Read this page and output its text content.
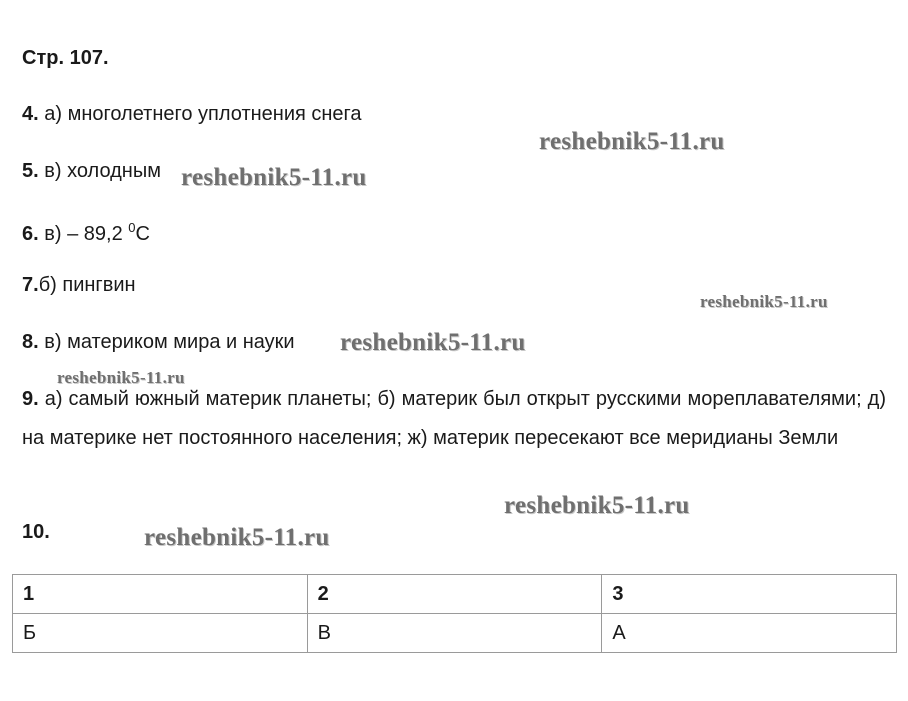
Стр. 107.
4. а) многолетнего уплотнения снега
5. в) холодным
6. в) – 89,2 $^0$С
7.б) пингвин
8. в) материком мира и науки
9. а) самый южный материк планеты; б) материк был открыт русскими мореплавателями; д) на материке нет постоянного населения; ж) материк пересекают все меридианы Земли
10.
1	2	3
Б	В	А
reshebnik5-11.ru
reshebnik5-11.ru
reshebnik5-11.ru
reshebnik5-11.ru
reshebnik5-11.ru
reshebnik5-11.ru
reshebnik5-11.ru
